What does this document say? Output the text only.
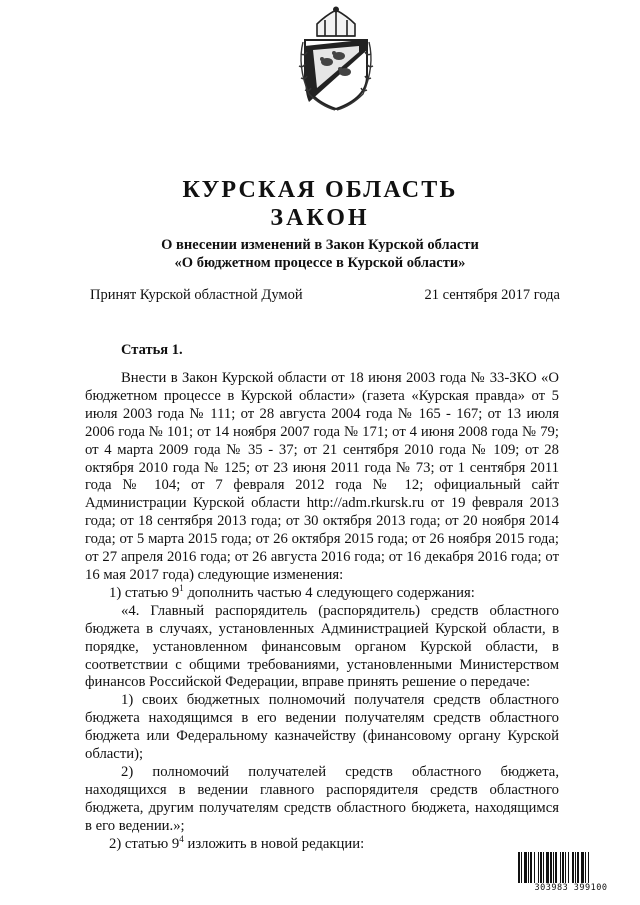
КУРСКАЯ ОБЛАСТЬ
ЗАКОН
О внесении изменений в Закон Курской области
«О бюджетном процессе в Курской области»
Принят Курской областной Думой	21 сентября 2017 года
Статья 1.

Внести в Закон Курской области от 18 июня 2003 года № 33-ЗКО «О бюджетном процессе в Курской области» (газета «Курская правда» от 5 июля 2003 года № 111; от 28 августа 2004 года № 165 - 167; от 13 июля 2006 года № 101; от 14 ноября 2007 года № 171; от 4 июня 2008 года № 79; от 4 марта 2009 года № 35 - 37; от 21 сентября 2010 года № 109; от 28 октября 2010 года № 125; от 23 июня 2011 года № 73; от 1 сентября 2011 года № 104; от 7 февраля 2012 года № 12; официальный сайт Администрации Курской области http://adm.rkursk.ru от 19 февраля 2013 года; от 18 сентября 2013 года; от 30 октября 2013 года; от 20 ноября 2014 года; от 5 марта 2015 года; от 26 октября 2015 года; от 26 ноября 2015 года; от 27 апреля 2016 года; от 26 августа 2016 года; от 16 декабря 2016 года; от 16 мая 2017 года) следующие изменения:

1) статью $9^1$ дополнить частью 4 следующего содержания:

«4. Главный распорядитель (распорядитель) средств областного бюджета в случаях, установленных Администрацией Курской области, в порядке, установленном финансовым органом Курской области, в соответствии с общими требованиями, установленными Министерством финансов Российской Федерации, вправе принять решение о передаче:

1) своих бюджетных полномочий получателя средств областного бюджета находящимся в его ведении получателям средств областного бюджета или Федеральному казначейству (финансовому органу Курской области);

2) полномочий получателей средств областного бюджета, находящихся в ведении главного распорядителя средств областного бюджета, другим получателям средств областного бюджета, находящимся в его ведении.»;

2) статью $9^4$ изложить в новой редакции:

303983 399100
